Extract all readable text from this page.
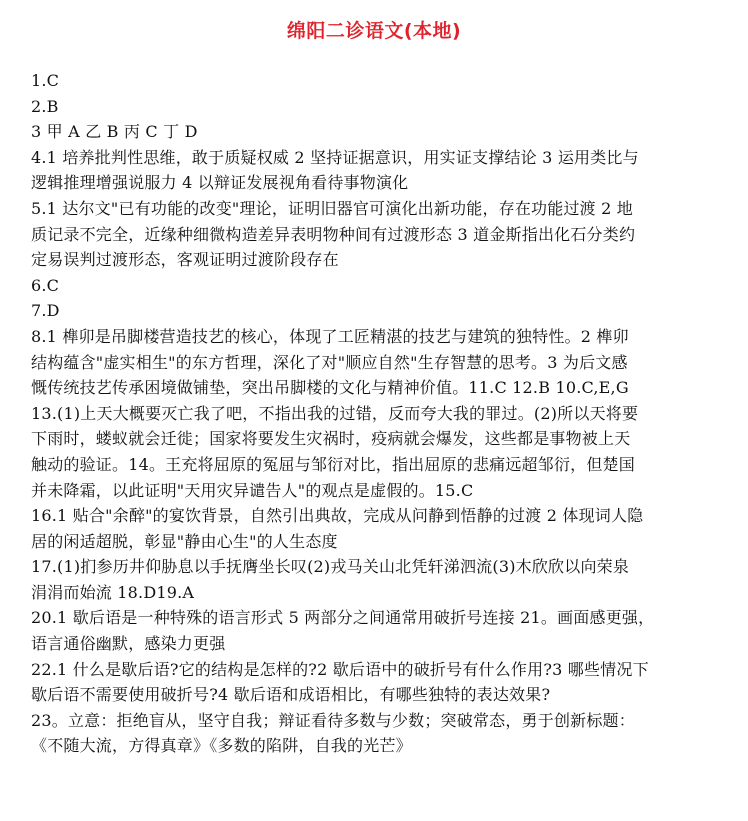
绵阳二诊语文(本地)
1.C
2.B
3 甲 A 乙 B 丙 C 丁 D
4.1 培养批判性思维，敢于质疑权威 2 坚持证据意识，用实证支撑结论 3 运用类比与
逻辑推理增强说服力 4 以辩证发展视角看待事物演化
5.1 达尔文"已有功能的改变"理论，证明旧器官可演化出新功能，存在功能过渡 2 地
质记录不完全，近缘种细微构造差异表明物种间有过渡形态 3 道金斯指出化石分类约
定易误判过渡形态，客观证明过渡阶段存在
6.C
7.D
8.1 榫卯是吊脚楼营造技艺的核心，体现了工匠精湛的技艺与建筑的独特性。2 榫卯
结构蕴含"虚实相生"的东方哲理，深化了对"顺应自然"生存智慧的思考。3 为后文感
慨传统技艺传承困境做铺垫，突出吊脚楼的文化与精神价值。11.C 12.B 10.C,E,G
13.(1)上天大概要灭亡我了吧，不指出我的过错，反而夸大我的罪过。(2)所以天将要
下雨时，蝼蚁就会迁徙；国家将要发生灾祸时，疫病就会爆发，这些都是事物被上天
触动的验证。14。王充将屈原的冤屈与邹衍对比，指出屈原的悲痛远超邹衍，但楚国
并未降霜，以此证明"天用灾异谴告人"的观点是虚假的。15.C
16.1 贴合"余醉"的宴饮背景，自然引出典故，完成从问静到悟静的过渡 2 体现词人隐
居的闲适超脱，彰显"静由心生"的人生态度
17.(1)扪参历井仰胁息以手抚膺坐长叹(2)戎马关山北凭轩涕泗流(3)木欣欣以向荣泉
涓涓而始流 18.D19.A
20.1 歇后语是一种特殊的语言形式 5 两部分之间通常用破折号连接 21。画面感更强，
语言通俗幽默，感染力更强
22.1 什么是歇后语?它的结构是怎样的?2 歇后语中的破折号有什么作用?3 哪些情况下
歇后语不需要使用破折号?4 歇后语和成语相比，有哪些独特的表达效果?
23。立意：拒绝盲从，坚守自我；辩证看待多数与少数；突破常态，勇于创新标题：
《不随大流，方得真章》《多数的陷阱，自我的光芒》
